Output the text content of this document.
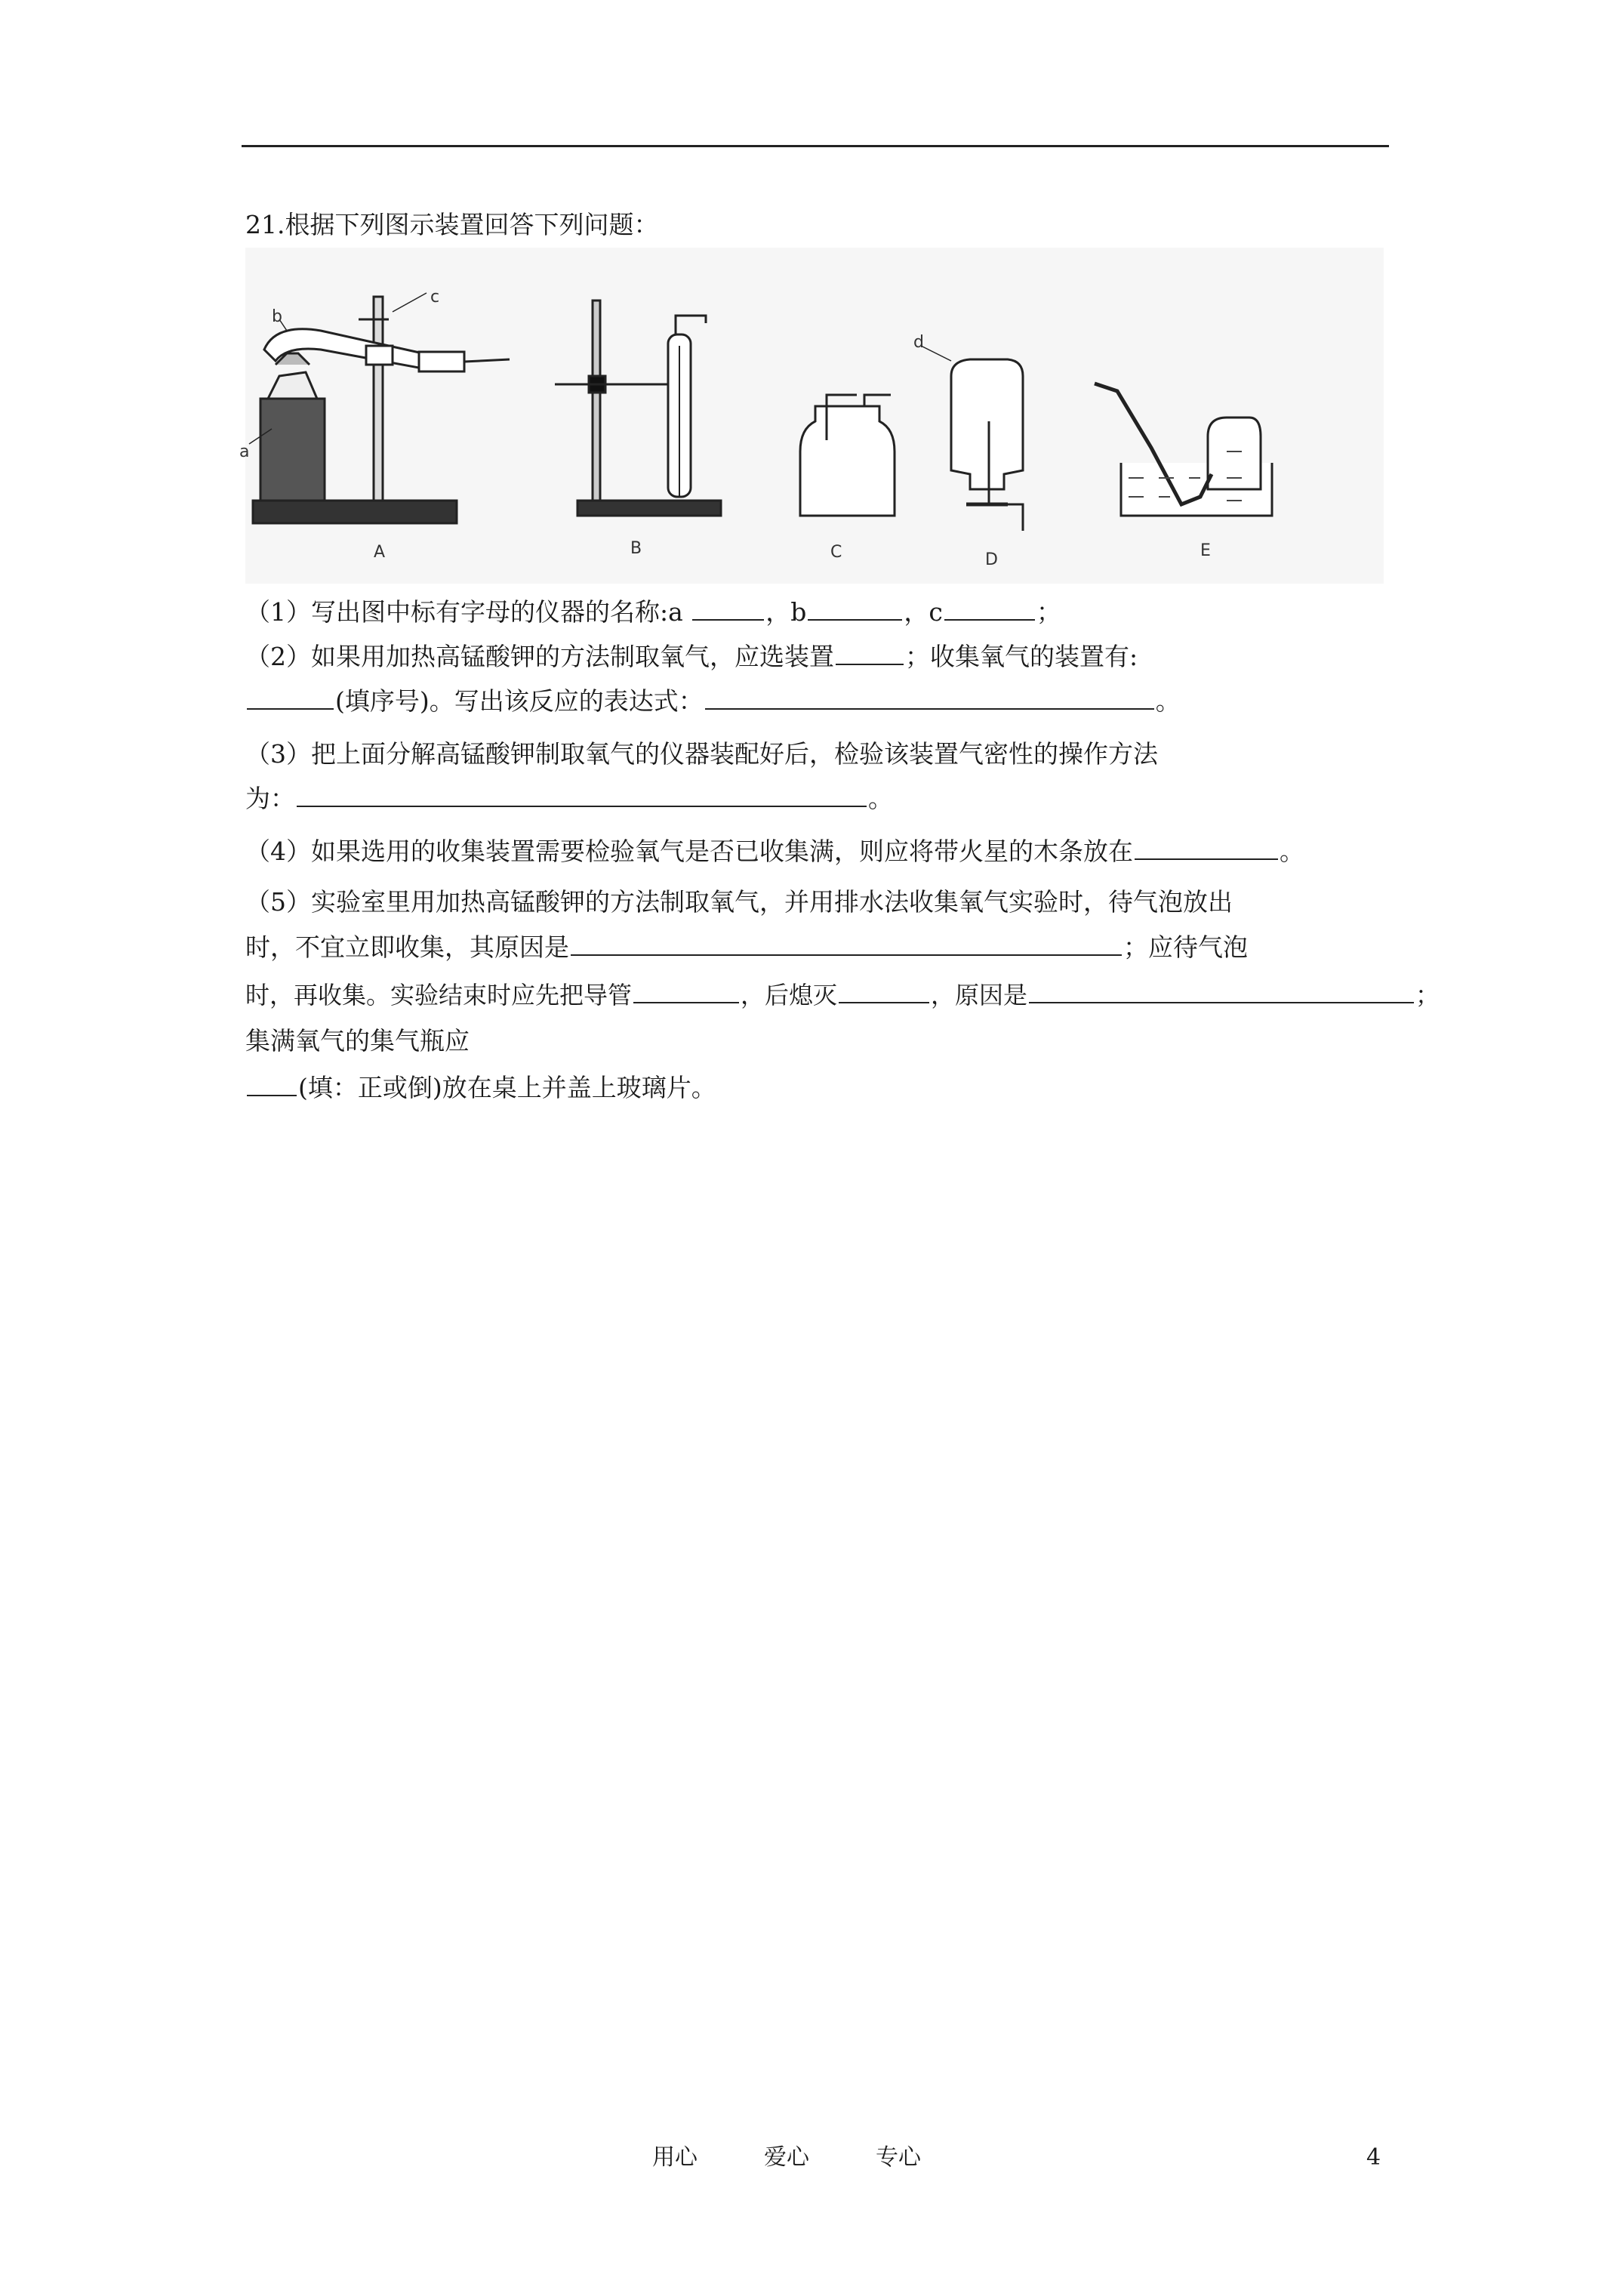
21.根据下列图示装置回答下列问题：
A	B	C	D	E
a
b
c
d
（1）写出图中标有字母的仪器的名称:a	，b	，c	；
（2）如果用加热高锰酸钾的方法制取氧气，应选装置	；收集氧气的装置有:
(填序号)。写出该反应的表达式：	。
（3）把上面分解高锰酸钾制取氧气的仪器装配好后，检验该装置气密性的操作方法
为：	。
（4）如果选用的收集装置需要检验氧气是否已收集满，则应将带火星的木条放在	。
（5）实验室里用加热高锰酸钾的方法制取氧气，并用排水法收集氧气实验时，待气泡放出
时，不宜立即收集，其原因是	；应待气泡
时，再收集。实验结束时应先把导管	，后熄灭	，原因是	；
集满氧气的集气瓶应
(填：正或倒)放在桌上并盖上玻璃片。
用心	爱心	专心	4
